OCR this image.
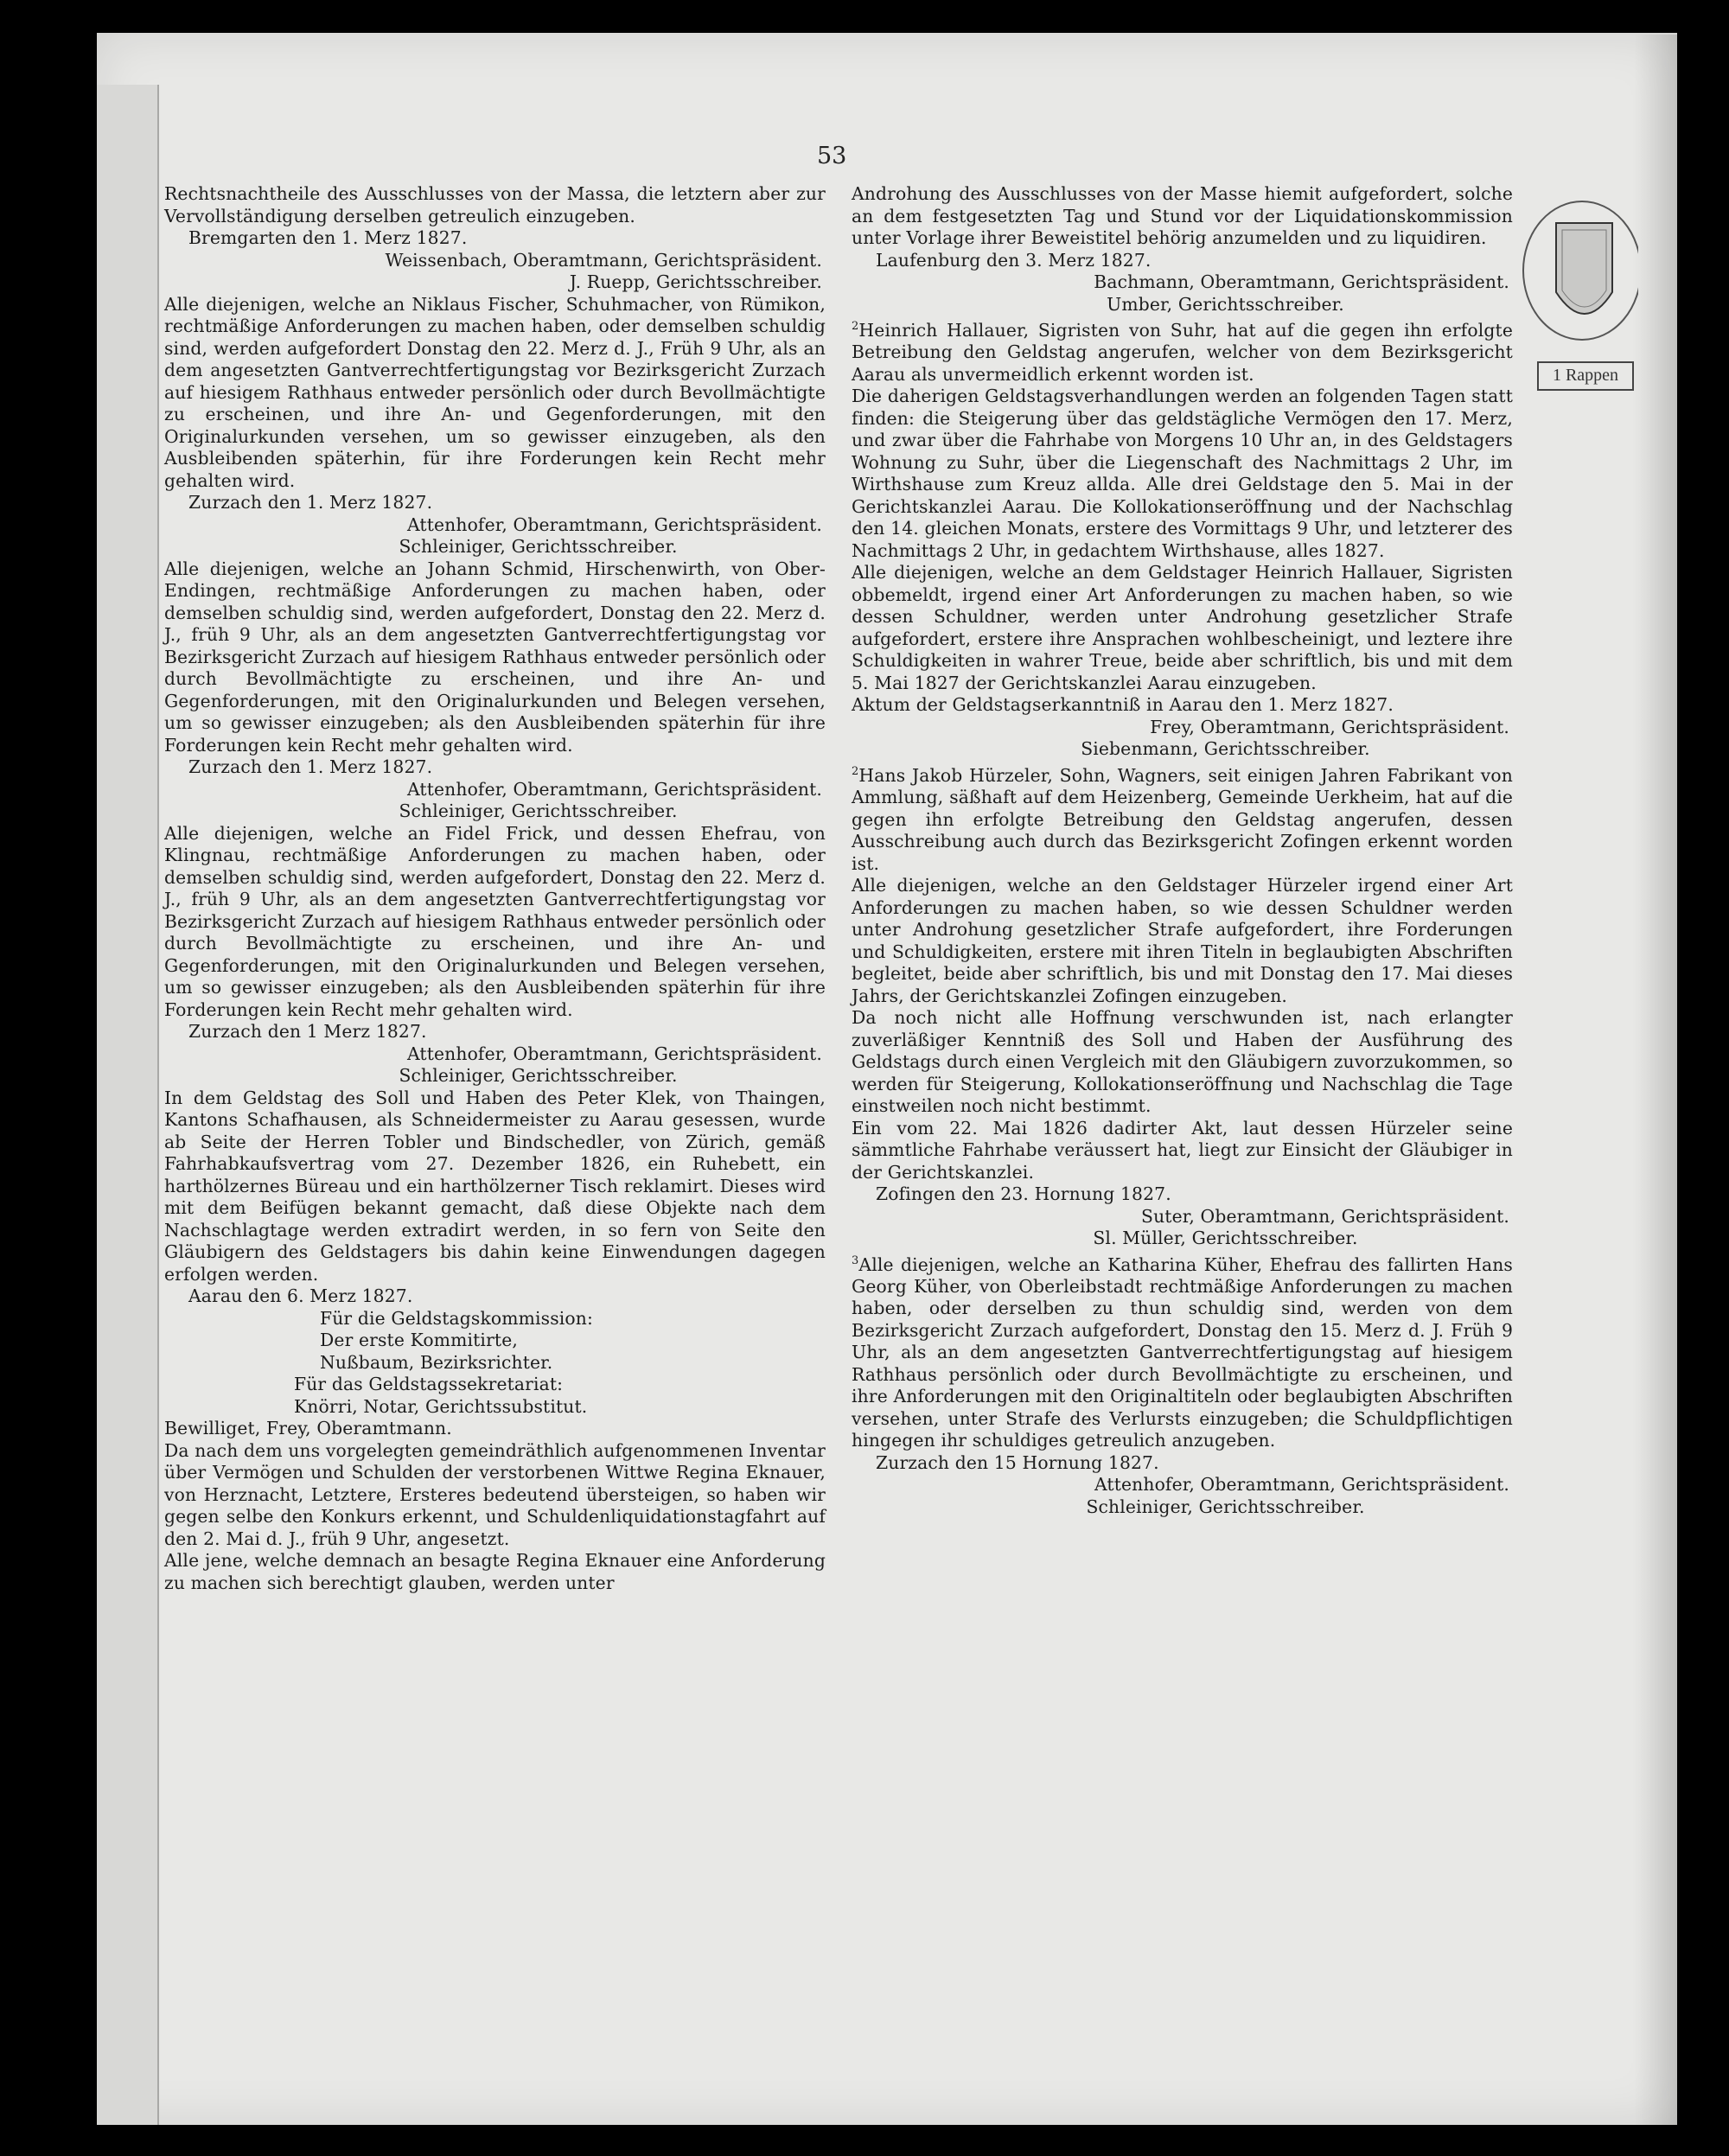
53
1 Rappen

Rechtsnachtheile des Ausschlusses von der Massa, die letztern aber zur Vervollständigung derselben getreulich einzugeben.

Bremgarten den 1. Merz 1827.

Weissenbach, Oberamtmann, Gerichtspräsident.

J. Ruepp, Gerichtsschreiber.

Alle diejenigen, welche an Niklaus Fischer, Schuhmacher, von Rümikon, rechtmäßige Anforderungen zu machen haben, oder demselben schuldig sind, werden aufgefordert Donstag den 22. Merz d. J., Früh 9 Uhr, als an dem angesetzten Gantverrechtfertigungstag vor Bezirksgericht Zurzach auf hiesigem Rathhaus entweder persönlich oder durch Bevollmächtigte zu erscheinen, und ihre An- und Gegenforderungen, mit den Originalurkunden versehen, um so gewisser einzugeben, als den Ausbleibenden späterhin, für ihre Forderungen kein Recht mehr gehalten wird.

Zurzach den 1. Merz 1827.

Attenhofer, Oberamtmann, Gerichtspräsident.

Schleiniger, Gerichtsschreiber.

Alle diejenigen, welche an Johann Schmid, Hirschenwirth, von Ober-Endingen, rechtmäßige Anforderungen zu machen haben, oder demselben schuldig sind, werden aufgefordert, Donstag den 22. Merz d. J., früh 9 Uhr, als an dem angesetzten Gantverrechtfertigungstag vor Bezirksgericht Zurzach auf hiesigem Rathhaus entweder persönlich oder durch Bevollmächtigte zu erscheinen, und ihre An- und Gegenforderungen, mit den Originalurkunden und Belegen versehen, um so gewisser einzugeben; als den Ausbleibenden späterhin für ihre Forderungen kein Recht mehr gehalten wird.

Zurzach den 1. Merz 1827.

Attenhofer, Oberamtmann, Gerichtspräsident.

Schleiniger, Gerichtsschreiber.

Alle diejenigen, welche an Fidel Frick, und dessen Ehefrau, von Klingnau, rechtmäßige Anforderungen zu machen haben, oder demselben schuldig sind, werden aufgefordert, Donstag den 22. Merz d. J., früh 9 Uhr, als an dem angesetzten Gantverrechtfertigungstag vor Bezirksgericht Zurzach auf hiesigem Rathhaus entweder persönlich oder durch Bevollmächtigte zu erscheinen, und ihre An- und Gegenforderungen, mit den Originalurkunden und Belegen versehen, um so gewisser einzugeben; als den Ausbleibenden späterhin für ihre Forderungen kein Recht mehr gehalten wird.

Zurzach den 1 Merz 1827.

Attenhofer, Oberamtmann, Gerichtspräsident.

Schleiniger, Gerichtsschreiber.

In dem Geldstag des Soll und Haben des Peter Klek, von Thaingen, Kantons Schafhausen, als Schneidermeister zu Aarau gesessen, wurde ab Seite der Herren Tobler und Bindschedler, von Zürich, gemäß Fahrhabkaufsvertrag vom 27. Dezember 1826, ein Ruhebett, ein harthölzernes Büreau und ein harthölzerner Tisch reklamirt. Dieses wird mit dem Beifügen bekannt gemacht, daß diese Objekte nach dem Nachschlagtage werden extradirt werden, in so fern von Seite den Gläubigern des Geldstagers bis dahin keine Einwendungen dagegen erfolgen werden.

Aarau den 6. Merz 1827.

Für die Geldstagskommission:

Der erste Kommitirte,

Nußbaum, Bezirksrichter.

Für das Geldstagssekretariat:

Knörri, Notar, Gerichtssubstitut.

Bewilliget, Frey, Oberamtmann.

Da nach dem uns vorgelegten gemeindräthlich aufgenommenen Inventar über Vermögen und Schulden der verstorbenen Wittwe Regina Eknauer, von Herznacht, Letztere, Ersteres bedeutend übersteigen, so haben wir gegen selbe den Konkurs erkennt, und Schuldenliquidationstagfahrt auf den 2. Mai d. J., früh 9 Uhr, angesetzt.

Alle jene, welche demnach an besagte Regina Eknauer eine Anforderung zu machen sich berechtigt glauben, werden unter

Androhung des Ausschlusses von der Masse hiemit aufgefordert, solche an dem festgesetzten Tag und Stund vor der Liquidationskommission unter Vorlage ihrer Beweistitel behörig anzumelden und zu liquidiren.

Laufenburg den 3. Merz 1827.

Bachmann, Oberamtmann, Gerichtspräsident.

Umber, Gerichtsschreiber.

$^2$Heinrich Hallauer, Sigristen von Suhr, hat auf die gegen ihn erfolgte Betreibung den Geldstag angerufen, welcher von dem Bezirksgericht Aarau als unvermeidlich erkennt worden ist.

Die daherigen Geldstagsverhandlungen werden an folgenden Tagen statt finden: die Steigerung über das geldstägliche Vermögen den 17. Merz, und zwar über die Fahrhabe von Morgens 10 Uhr an, in des Geldstagers Wohnung zu Suhr, über die Liegenschaft des Nachmittags 2 Uhr, im Wirthshause zum Kreuz allda. Alle drei Geldstage den 5. Mai in der Gerichtskanzlei Aarau. Die Kollokationseröffnung und der Nachschlag den 14. gleichen Monats, erstere des Vormittags 9 Uhr, und letzterer des Nachmittags 2 Uhr, in gedachtem Wirthshause, alles 1827.

Alle diejenigen, welche an dem Geldstager Heinrich Hallauer, Sigristen obbemeldt, irgend einer Art Anforderungen zu machen haben, so wie dessen Schuldner, werden unter Androhung gesetzlicher Strafe aufgefordert, erstere ihre Ansprachen wohlbescheinigt, und leztere ihre Schuldigkeiten in wahrer Treue, beide aber schriftlich, bis und mit dem 5. Mai 1827 der Gerichtskanzlei Aarau einzugeben.

Aktum der Geldstagserkanntniß in Aarau den 1. Merz 1827.

Frey, Oberamtmann, Gerichtspräsident.

Siebenmann, Gerichtsschreiber.

$^2$Hans Jakob Hürzeler, Sohn, Wagners, seit einigen Jahren Fabrikant von Ammlung, säßhaft auf dem Heizenberg, Gemeinde Uerkheim, hat auf die gegen ihn erfolgte Betreibung den Geldstag angerufen, dessen Ausschreibung auch durch das Bezirksgericht Zofingen erkennt worden ist.

Alle diejenigen, welche an den Geldstager Hürzeler irgend einer Art Anforderungen zu machen haben, so wie dessen Schuldner werden unter Androhung gesetzlicher Strafe aufgefordert, ihre Forderungen und Schuldigkeiten, erstere mit ihren Titeln in beglaubigten Abschriften begleitet, beide aber schriftlich, bis und mit Donstag den 17. Mai dieses Jahrs, der Gerichtskanzlei Zofingen einzugeben.

Da noch nicht alle Hoffnung verschwunden ist, nach erlangter zuverläßiger Kenntniß des Soll und Haben der Ausführung des Geldstags durch einen Vergleich mit den Gläubigern zuvorzukommen, so werden für Steigerung, Kollokationseröffnung und Nachschlag die Tage einstweilen noch nicht bestimmt.

Ein vom 22. Mai 1826 dadirter Akt, laut dessen Hürzeler seine sämmtliche Fahrhabe veräussert hat, liegt zur Einsicht der Gläubiger in der Gerichtskanzlei.

Zofingen den 23. Hornung 1827.

Suter, Oberamtmann, Gerichtspräsident.

Sl. Müller, Gerichtsschreiber.

$^3$Alle diejenigen, welche an Katharina Küher, Ehefrau des fallirten Hans Georg Küher, von Oberleibstadt rechtmäßige Anforderungen zu machen haben, oder derselben zu thun schuldig sind, werden von dem Bezirksgericht Zurzach aufgefordert, Donstag den 15. Merz d. J. Früh 9 Uhr, als an dem angesetzten Gantverrechtfertigungstag auf hiesigem Rathhaus persönlich oder durch Bevollmächtigte zu erscheinen, und ihre Anforderungen mit den Originaltiteln oder beglaubigten Abschriften versehen, unter Strafe des Verlursts einzugeben; die Schuldpflichtigen hingegen ihr schuldiges getreulich anzugeben.

Zurzach den 15 Hornung 1827.

Attenhofer, Oberamtmann, Gerichtspräsident.

Schleiniger, Gerichtsschreiber.
